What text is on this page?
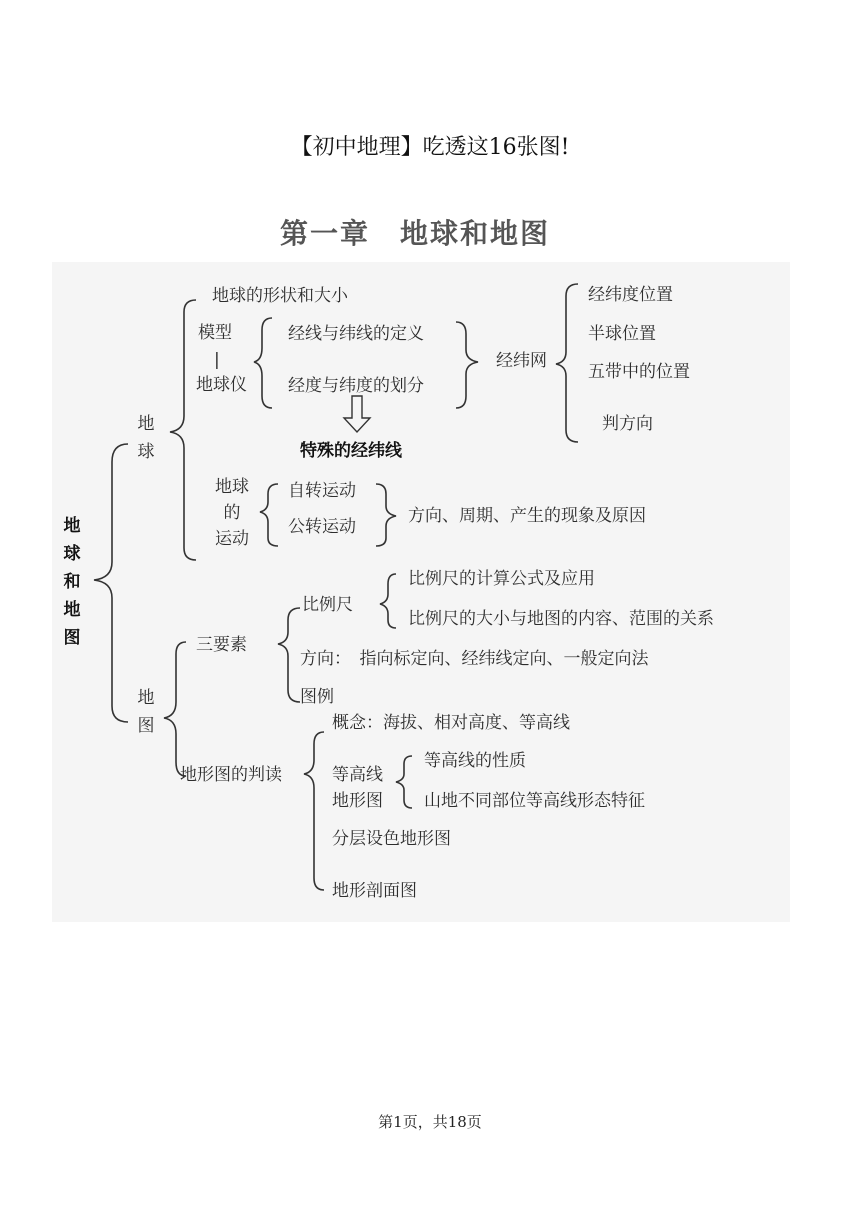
【初中地理】吃透这16张图!
第一章　地球和地图
地
球
和
地
图
地
球
地球的形状和大小
模型
|
地球仪
经线与纬线的定义
经度与纬度的划分
经纬网
特殊的经纬线
经纬度位置
半球位置
五带中的位置
判方向
地球
的
运动
自转运动
公转运动
方向、周期、产生的现象及原因
地
图
三要素
比例尺
比例尺的计算公式及应用
比例尺的大小与地图的内容、范围的关系
方向：　指向标定向、经纬线定向、一般定向法
图例
地形图的判读
概念：海拔、相对高度、等高线
等高线
地形图
等高线的性质
山地不同部位等高线形态特征
分层设色地形图
地形剖面图
第1页，共18页
